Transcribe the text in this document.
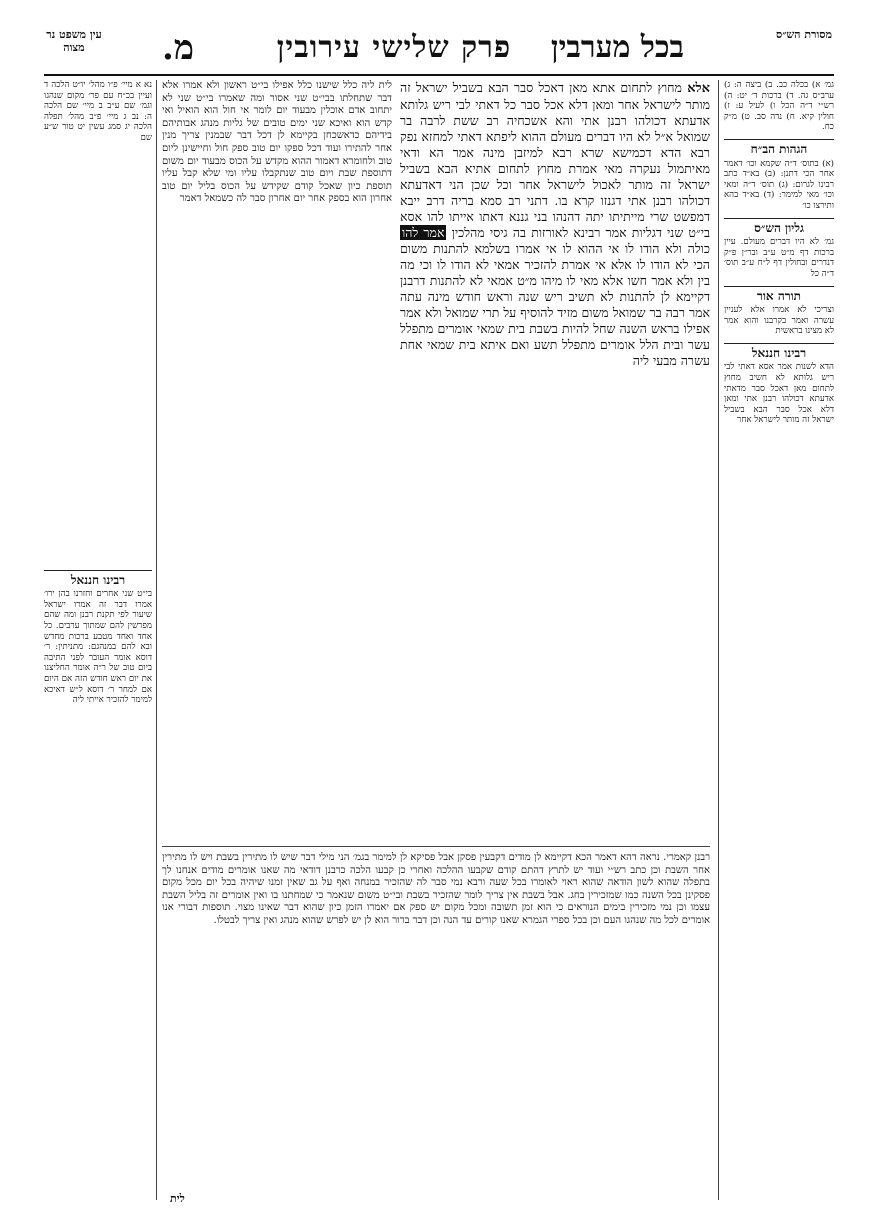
עין משפט נר מצוה	מ.	פרק שלישי עירובין בכל מערבין	מסורת הש״ס
גמ׳ א) בכלה כב. ב) ביצה ה: ג) ערב״ס גה. ד) ברכות ד׳ יט: ה) רש״י ד״ה הכל ו) לעיל ע: ז) חולין קיא. ח) נדה סב. ט) מ״ק כח.
הגהות הב״ח
(א) בתוס׳ ד״ה שקמא וכו׳ דאמר אחר הכי דתנן: (ב) בא״ד כתב רבינו לגרום: (ג) תוס׳ ד״ה ומאי וכו׳ מאי למימר: (ד) בא״ד בהא ותירצו כו׳
גליון הש״ס
גמ׳ לא היו דברים מעולם. עיין ברכות דף מ״ט ע״ב ובר״ן פ״ק דנדרים ובחולין דף ל״ח ע״ב תוס׳ ד״ה כל
תורה אור
וצריכי לא אמרו אלא לעניין עשרה ואמר בקרבנו והוא אמר לא מצינו בראשית
רבינו חננאל
הדא לשנות אמר אסא דאתי לבי ריש גלותא לא חשיב מחוץ לתחום מאן דאכל סבר מדאתי אדעתא דכולהו רבנן אתי ומאן דלא אכל סבר הבא בשביל ישראל זה מותר לישראל אחר
נא א מיי׳ פ״ו מהל׳ יו״ט הלכה ד ועיין בכ״ח עם פר׳ מקום שנהגו וגמ׳ שם ע״ב ב מיי׳ שם הלכה ה: נב ג מיי׳ פ״ב מהל׳ תפלה הלכה יג סמג עשין יט טור ש״ע שם
רבינו חננאל
בי״ט שני אחרים וחזרנו בהן ירו׳ אמרו דבר זה אמרו ישראל שיעור לפי תקנת רבנן ומה שהם מפרשין להם שמתוך ערבים. כל אחד ואחד מטבע ברכות מחדש ובא להם במנהגם: מתניתין: ר׳ דוסא אומר העובר לפני התיבה ביום טוב של ר״ה אומר החליצנו את יום ראש חודש הזה אם היום אם למחר ר׳ דוסא ל״ש דאיכא למימר להזכיר אייתי ליה
לית ליה כלל שישנו כלל אפילו בי״ט ראשון ולא אמרו אלא דבר שתחלתו בבי״ט שני אסור ומה שאמרו בי״ט שני לא יתחוב אדם אוכלין מבעוד יום לומר אי חול הוא הואיל ואי קדש הוא ואיכא שני ימים טובים של גליות מנהג אבותיהם בידיהם כדאשכחן בקיימא לן דכל דבר שבמנין צריך מנין אחר להתירו ועוד דכל ספקו יום טוב ספק חול וחיישינן ליום טוב ולחומרא דאמור ההוא מקדש על הכוס מבעוד יום משום דתוספת שבת ויום טוב שנתקבלו עליו ומי שלא קבל עליו תוספת כיון שאכל קודם שקידש על הכוס בליל יום טוב אחרון הוא בספק אחר יום אחרון סבר לה כשמאל דאמר
אלא מחוץ לתחום אתא מאן דאכל סבר הבא בשביל ישראל זה מותר לישראל אחר ומאן דלא אכל סבר כל דאתי לבי ריש גלותא אדעתא דכולהו רבנן אתי והא אשכחיה רב ששת לרבה בר שמואל א״ל לא היו דברים מעולם ההוא ליפתא דאתי למחזא נפק רבא הדא דכמישא שרא רבא למיזבן מינה אמר הא ודאי מאיתמול נעקרה מאי אמרת מחוץ לתחום אתיא הבא בשביל ישראל זה מותר לאכול לישראל אחר וכל שכן הני דאדעתא דכולהו רבנן אתי דגנזו קרא בו. דתני רב סמא בריה דרב ייבא דמפשט שרי מייתיתו יתה דהנהו בני גננא דאתו אייתו להו אסא בי״ט שני דגליות אמר רבינא לאורזות בה גיסי מהלכין אמר להו כולה ולא הודו לו אי ההוא לו אי אמרו בשלמא להתנות משום הכי לא הודו לו אלא אי אמרת להזכיר אמאי לא הודו לו וכי מה בין ולא אמר חשו אלא מאי לו מיהו מ״ט אמאי לא להתנות דרבנן דקיימא לן להתנות לא תשיב ריש שנה וראש חודש מינה עתה אמר רבה בר שמואל משום מזיד להוסיף על תרי שמואל ולא אמר אפילו בראש השנה שחל להיות בשבת בית שמאי אומרים מתפלל עשר ובית הלל אומרים מתפלל תשע ואם איתא בית שמאי אחת עשרה מבעי ליה
רבנן קאמרי. נראה דהא דאמר הכא דקיימא לן מודים דקבעין פסקן אבל פסיקא לן למימר בגמ׳ הני מילי דבר שיש לו מתירין בשבת ויש לו מתירין אחר השבת וכן כתב רש״י ועוד יש לתרץ דהתם קודם שקבעו ההלכה ואחרי כן קבעו הלכה כרבנן דודאי מה שאנו אומרים מודים אנחנו לך בתפלה שהוא לשון הודאה שהוא ראוי לאומרו בכל שעה ורבא נמי סבר לה שהזכיר במנחה ואף על גב שאין זמנו שיהיה בכל יום מכל מקום פסקינן בכל השנה כמו שמזכירין בחג. אבל בשבת אין צריך לומר שהזכיר בשבת ובי״ט משום שנאמר כי שמחתנו בו ואין אומרים זה בליל השבת עצמו וכן נמי מזכירין בימים הנוראים כי הוא זמן תשובה ומכל מקום יש ספק אם יאמרו הזמן כיון שהוא דבר שאינו מצוי. תוספות דבורי אנו אומרים לכל מה שנהגו העם וכן בכל ספרי הגמרא שאנו קורים עד הנה וכן דבר ברור הוא לן יש לפרש שהוא מנהג ואין צריך לבטלו.
לית
